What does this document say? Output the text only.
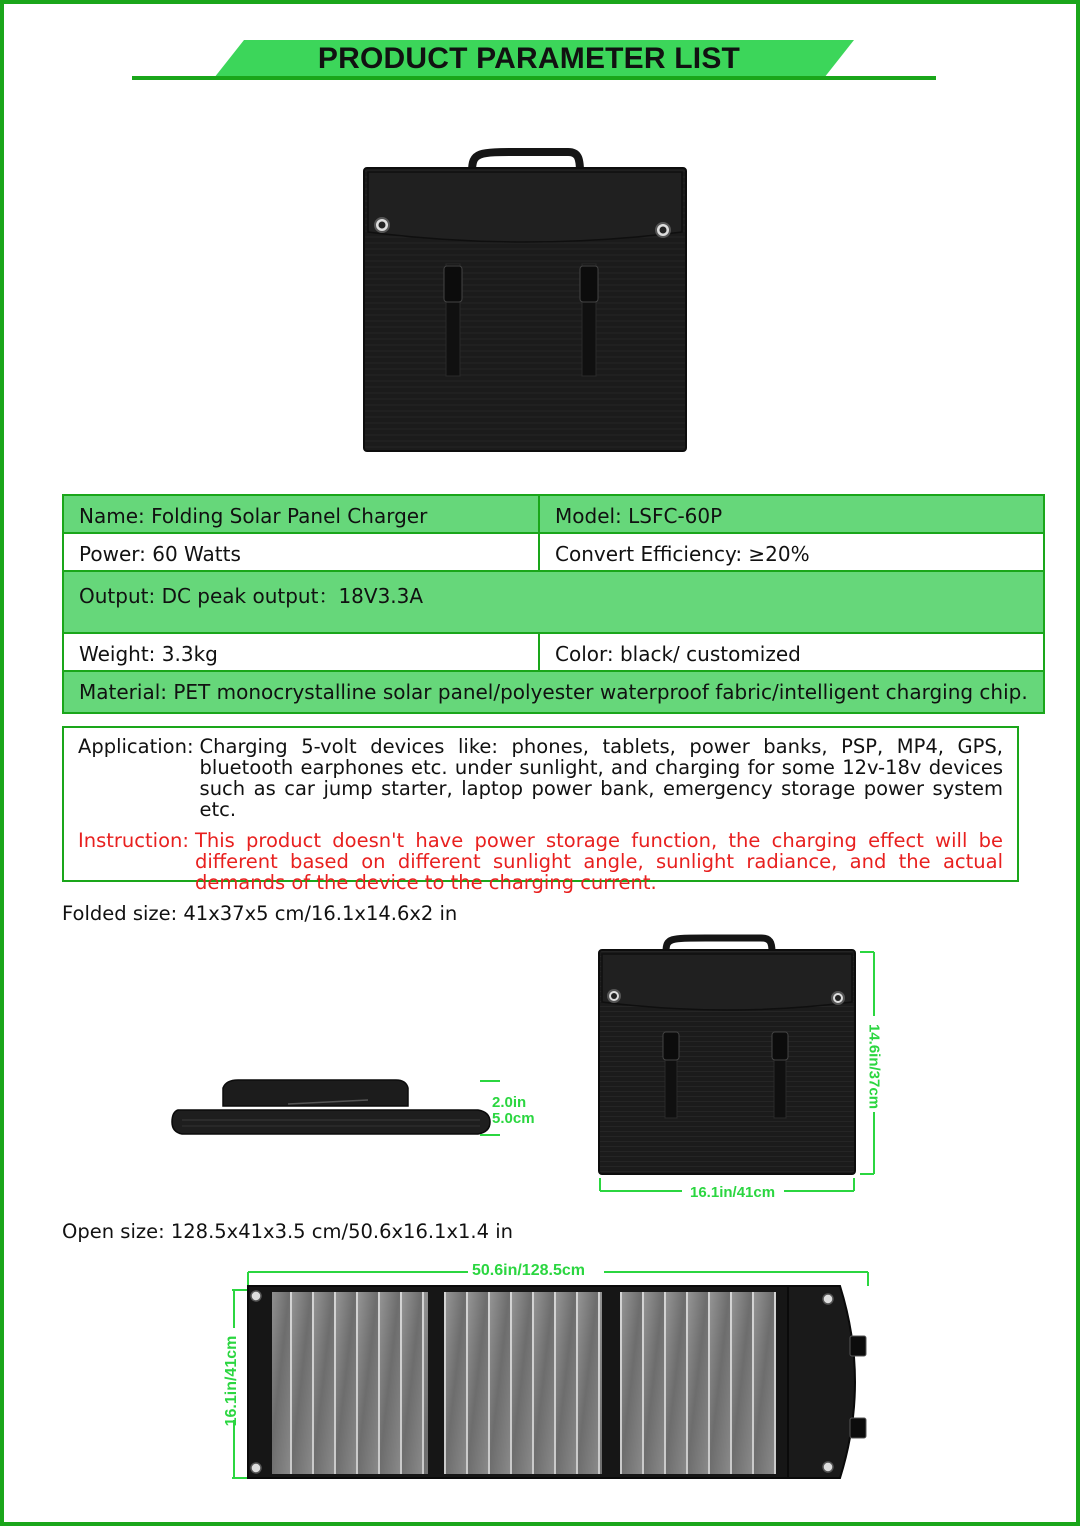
PRODUCT PARAMETER LIST
Name: Folding Solar Panel Charger	Model: LSFC-60P
Power: 60 Watts	Convert Efficiency: ≥20%
Output: DC peak output：18V3.3A	
Weight: 3.3kg	Color: black/ customized
Material: PET monocrystalline solar panel/polyester waterproof fabric/intelligent charging chip.	
Application: Charging 5-volt devices like: phones, tablets, power banks, PSP, MP4, GPS, bluetooth earphones etc. under sunlight, and charging for some 12v-18v devices such as car jump starter, laptop power bank, emergency storage power system etc.
Instruction: This product doesn't have power storage function, the charging effect will be different based on different sunlight angle, sunlight radiance, and the actual demands of the device to the charging current.
Folded size: 41x37x5 cm/16.1x14.6x2 in
2.0in
5.0cm
14.6in/37cm
16.1in/41cm
Open size: 128.5x41x3.5 cm/50.6x16.1x1.4 in
50.6in/128.5cm
16.1in/41cm
